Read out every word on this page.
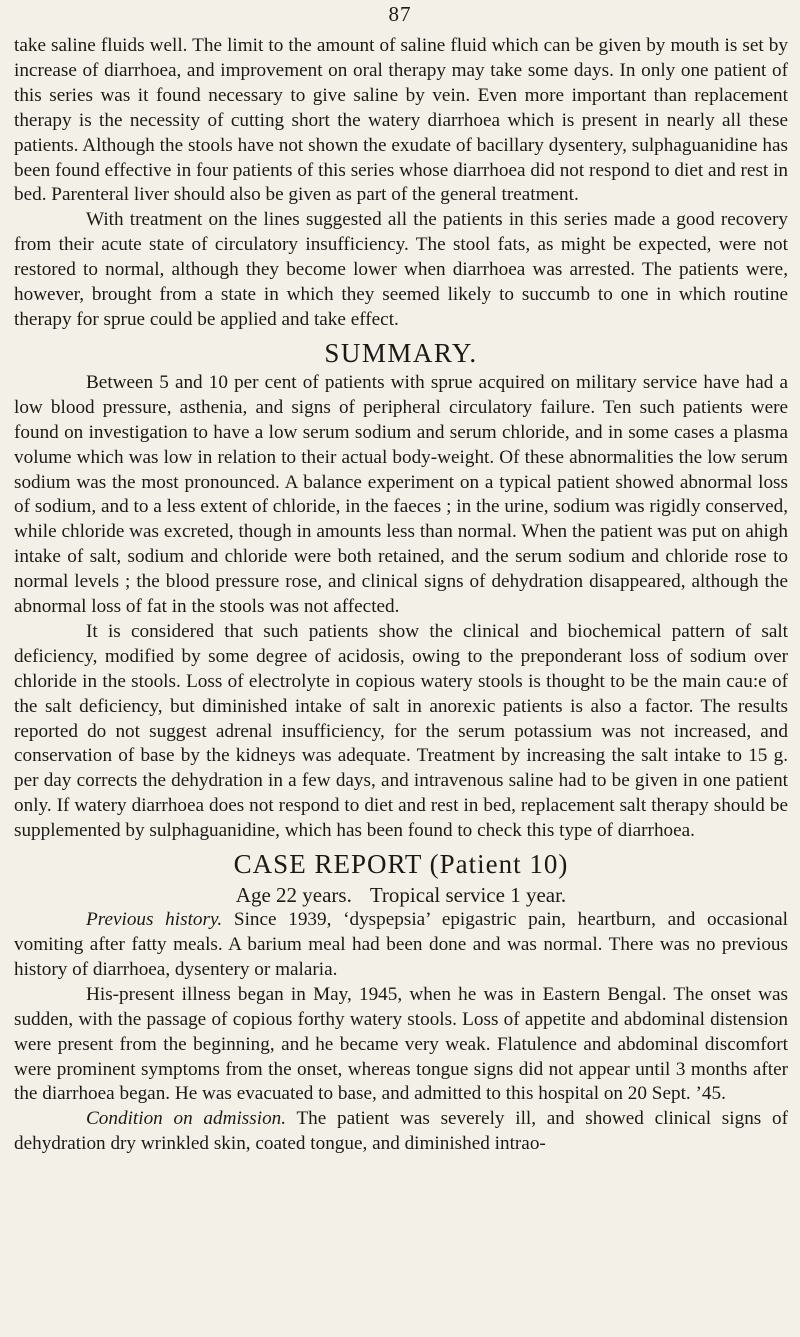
87

take saline fluids well. The limit to the amount of saline fluid which can be given by mouth is set by increase of diarrhoea, and improvement on oral therapy may take some days. In only one patient of this series was it found necessary to give saline by vein. Even more important than replacement therapy is the necessity of cutting short the watery diarrhoea which is present in nearly all these patients. Although the stools have not shown the exudate of bacillary dysentery, sulphaguanidine has been found effective in four patients of this series whose diarrhoea did not respond to diet and rest in bed. Parenteral liver should also be given as part of the general treatment.

With treatment on the lines suggested all the patients in this series made a good recovery from their acute state of circulatory insufficiency. The stool fats, as might be expected, were not restored to normal, although they become lower when diarrhoea was arrested. The patients were, however, brought from a state in which they seemed likely to succumb to one in which routine therapy for sprue could be applied and take effect.

SUMMARY.

Between 5 and 10 per cent of patients with sprue acquired on military service have had a low blood pressure, asthenia, and signs of peripheral circulatory failure. Ten such patients were found on investigation to have a low serum sodium and serum chloride, and in some cases a plasma volume which was low in relation to their actual body-weight. Of these abnormalities the low serum sodium was the most pronounced. A balance experiment on a typical patient showed abnormal loss of sodium, and to a less extent of chloride, in the faeces ; in the urine, sodium was rigidly conserved, while chloride was excreted, though in amounts less than normal. When the patient was put on ahigh intake of salt, sodium and chloride were both retained, and the serum sodium and chloride rose to normal levels ; the blood pressure rose, and clinical signs of dehydration disappeared, although the abnormal loss of fat in the stools was not affected.

It is considered that such patients show the clinical and biochemical pattern of salt deficiency, modified by some degree of acidosis, owing to the preponderant loss of sodium over chloride in the stools. Loss of electrolyte in copious watery stools is thought to be the main cau:e of the salt deficiency, but diminished intake of salt in anorexic patients is also a factor. The results reported do not suggest adrenal insufficiency, for the serum potassium was not increased, and conservation of base by the kidneys was adequate. Treatment by increasing the salt intake to 15 g. per day corrects the dehydration in a few days, and intravenous saline had to be given in one patient only. If watery diarrhoea does not respond to diet and rest in bed, replacement salt therapy should be supplemented by sulphaguanidine, which has been found to check this type of diarrhoea.

CASE REPORT (Patient 10)

Age 22 years. Tropical service 1 year.

Previous history. Since 1939, ‘dyspepsia’ epigastric pain, heartburn, and occasional vomiting after fatty meals. A barium meal had been done and was normal. There was no previous history of diarrhoea, dysentery or malaria.

His-present illness began in May, 1945, when he was in Eastern Bengal. The onset was sudden, with the passage of copious forthy watery stools. Loss of appetite and abdominal distension were present from the beginning, and he became very weak. Flatulence and abdominal discomfort were prominent symptoms from the onset, whereas tongue signs did not appear until 3 months after the diarrhoea began. He was evacuated to base, and admitted to this hospital on 20 Sept. ’45.

Condition on admission. The patient was severely ill, and showed clinical signs of dehydration dry wrinkled skin, coated tongue, and diminished intrao-
